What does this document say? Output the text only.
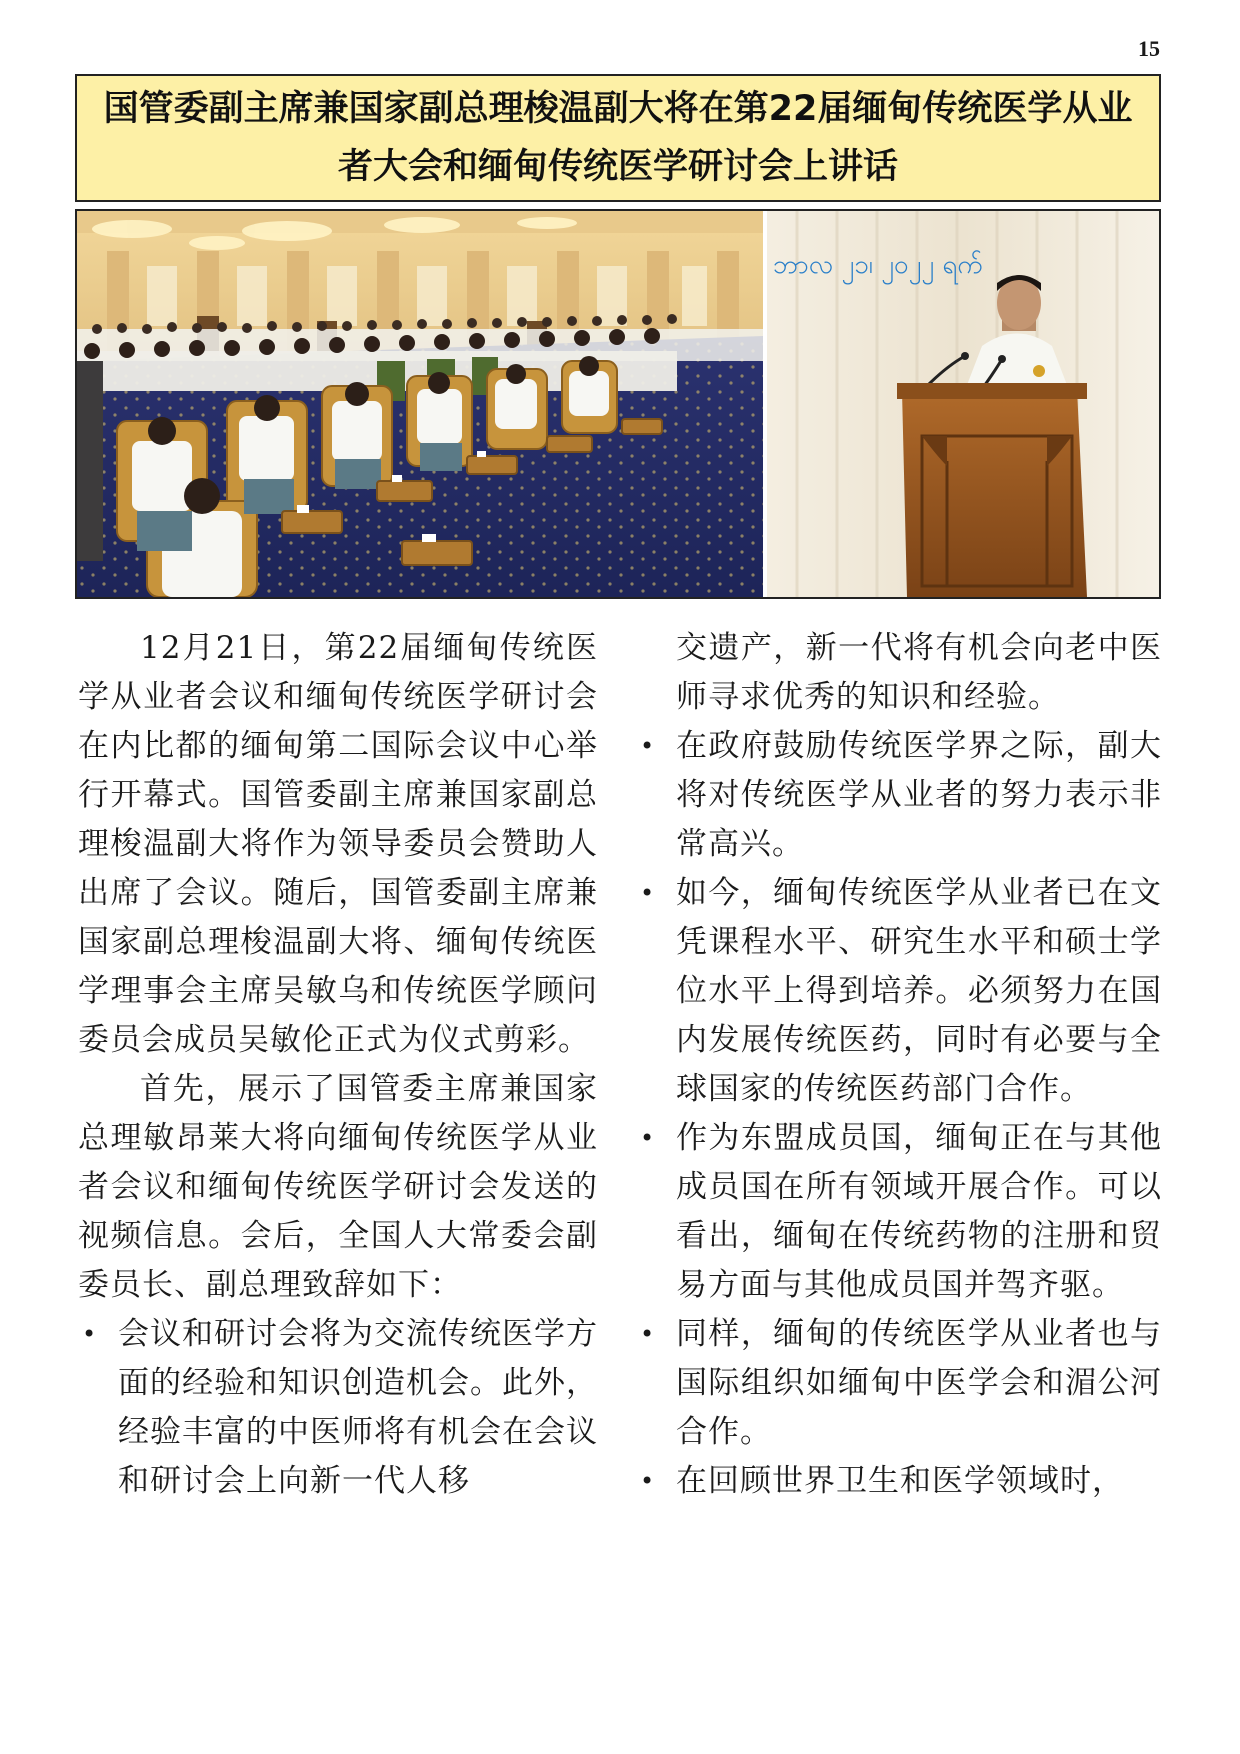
15
国管委副主席兼国家副总理梭温副大将在第22届缅甸传统医学从业者大会和缅甸传统医学研讨会上讲话
ဘာလ ၂၁၊ ၂၀၂၂ ရက်

12月21日，第22届缅甸传统医学从业者会议和缅甸传统医学研讨会在内比都的缅甸第二国际会议中心举行开幕式。国管委副主席兼国家副总理梭温副大将作为领导委员会赞助人出席了会议。随后，国管委副主席兼国家副总理梭温副大将、缅甸传统医学理事会主席吴敏乌和传统医学顾问委员会成员吴敏伦正式为仪式剪彩。

首先，展示了国管委主席兼国家总理敏昂莱大将向缅甸传统医学从业者会议和缅甸传统医学研讨会发送的视频信息。会后，全国人大常委会副委员长、副总理致辞如下：

• 会议和研讨会将为交流传统医学方面的经验和知识创造机会。此外，经验丰富的中医师将有机会在会议和研讨会上向新一代人移
交遗产，新一代将有机会向老中医师寻求优秀的知识和经验。
• 在政府鼓励传统医学界之际，副大将对传统医学从业者的努力表示非常高兴。
• 如今，缅甸传统医学从业者已在文凭课程水平、研究生水平和硕士学位水平上得到培养。必须努力在国内发展传统医药，同时有必要与全球国家的传统医药部门合作。
• 作为东盟成员国，缅甸正在与其他成员国在所有领域开展合作。可以看出，缅甸在传统药物的注册和贸易方面与其他成员国并驾齐驱。
• 同样，缅甸的传统医学从业者也与国际组织如缅甸中医学会和湄公河合作。
• 在回顾世界卫生和医学领域时，
